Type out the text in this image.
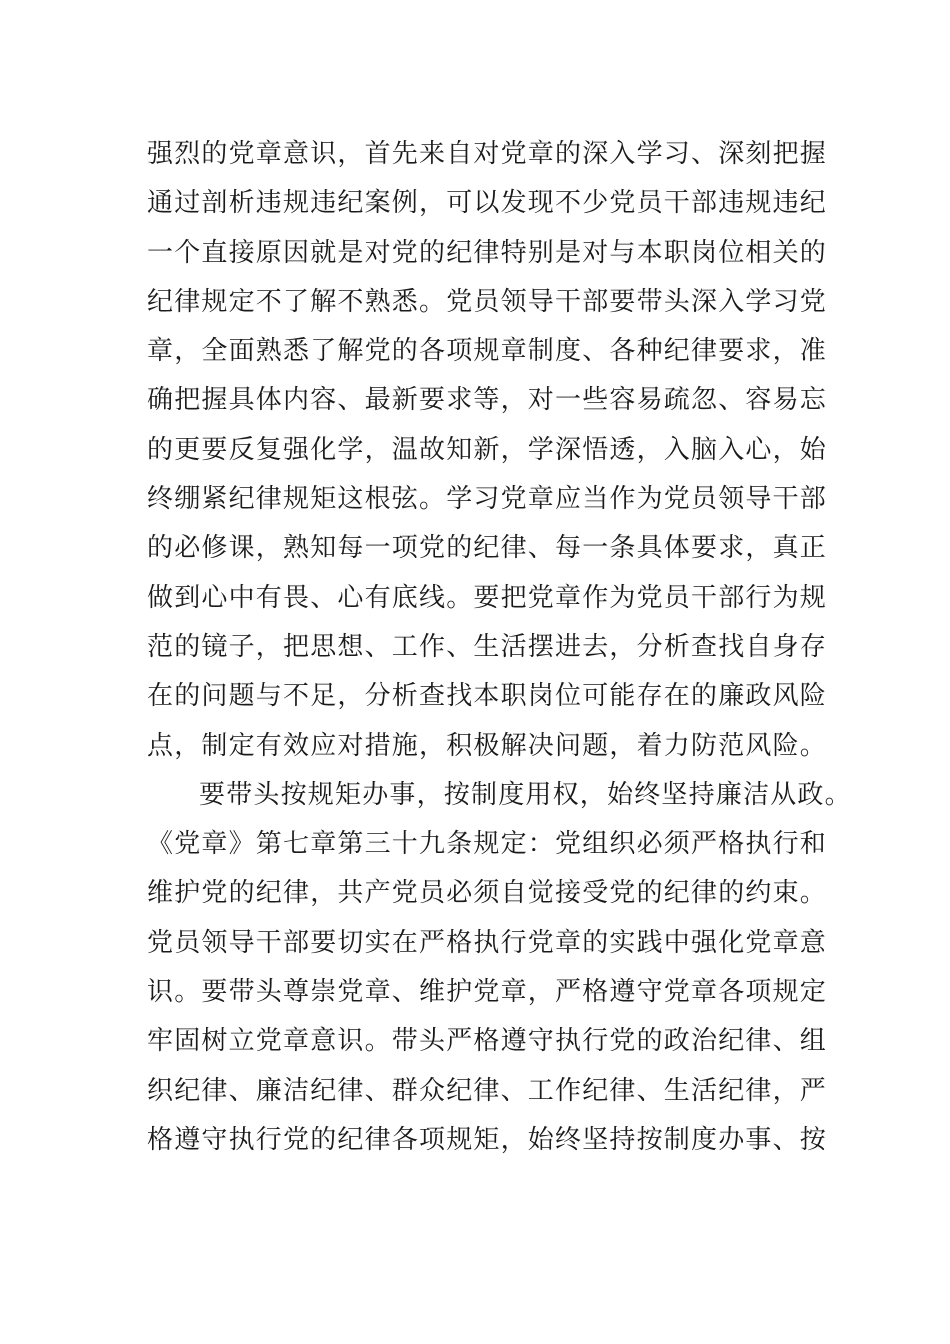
强烈的党章意识，首先来自对党章的深入学习、深刻把握
通过剖析违规违纪案例，可以发现不少党员干部违规违纪
一个直接原因就是对党的纪律特别是对与本职岗位相关的
纪律规定不了解不熟悉。党员领导干部要带头深入学习党
章，全面熟悉了解党的各项规章制度、各种纪律要求，准
确把握具体内容、最新要求等，对一些容易疏忽、容易忘
的更要反复强化学，温故知新，学深悟透，入脑入心，始
终绷紧纪律规矩这根弦。学习党章应当作为党员领导干部
的必修课，熟知每一项党的纪律、每一条具体要求，真正
做到心中有畏、心有底线。要把党章作为党员干部行为规
范的镜子，把思想、工作、生活摆进去，分析查找自身存
在的问题与不足，分析查找本职岗位可能存在的廉政风险
点，制定有效应对措施，积极解决问题，着力防范风险。
要带头按规矩办事，按制度用权，始终坚持廉洁从政。
《党章》第七章第三十九条规定：党组织必须严格执行和
维护党的纪律，共产党员必须自觉接受党的纪律的约束。
党员领导干部要切实在严格执行党章的实践中强化党章意
识。要带头尊崇党章、维护党章，严格遵守党章各项规定
牢固树立党章意识。带头严格遵守执行党的政治纪律、组
织纪律、廉洁纪律、群众纪律、工作纪律、生活纪律，严
格遵守执行党的纪律各项规矩，始终坚持按制度办事、按
